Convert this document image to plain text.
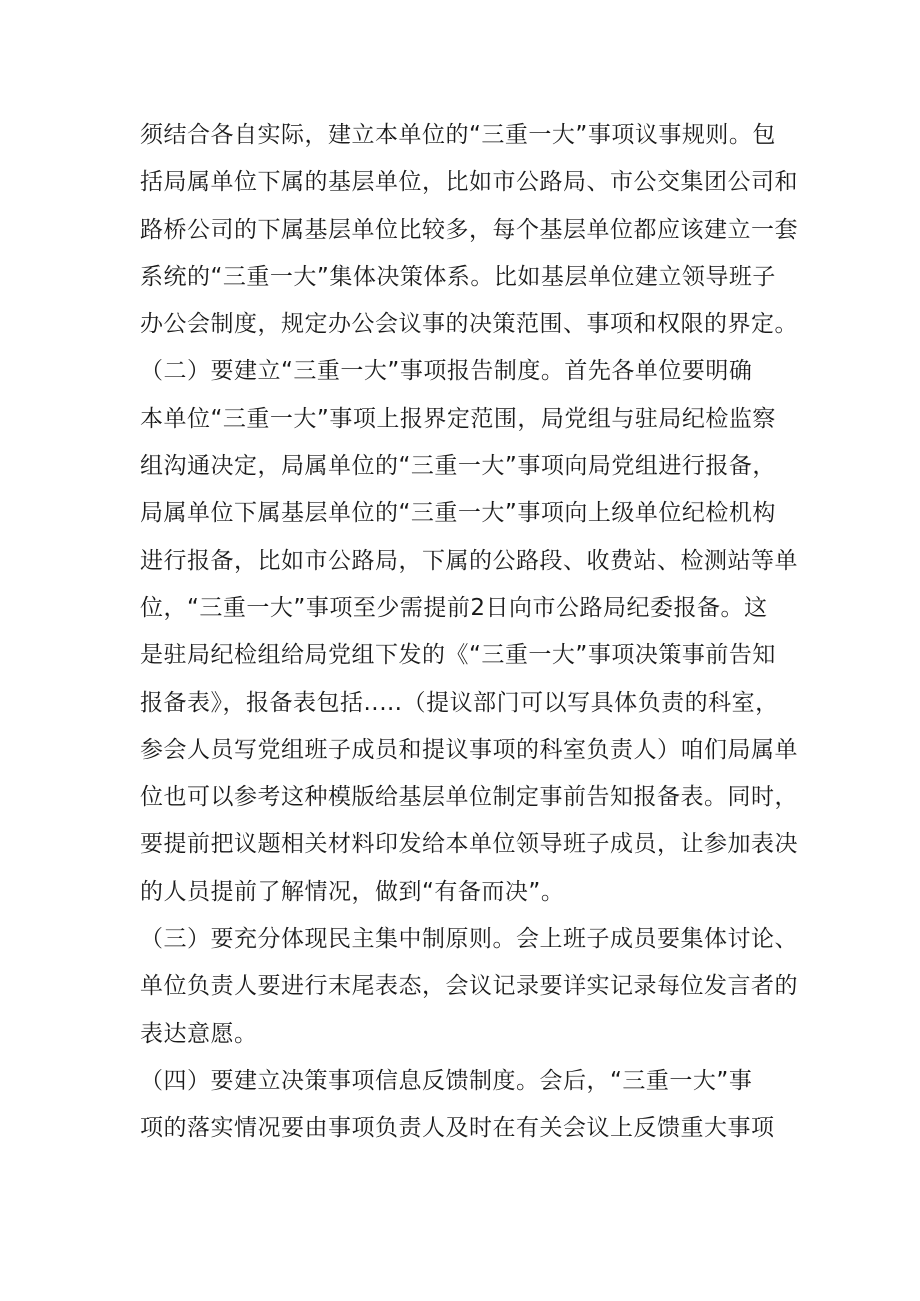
须结合各自实际，建立本单位的“三重一大”事项议事规则。包
括局属单位下属的基层单位，比如市公路局、市公交集团公司和
路桥公司的下属基层单位比较多，每个基层单位都应该建立一套
系统的“三重一大”集体决策体系。比如基层单位建立领导班子
办公会制度，规定办公会议事的决策范围、事项和权限的界定。
（二）要建立“三重一大”事项报告制度。首先各单位要明确
本单位“三重一大”事项上报界定范围，局党组与驻局纪检监察
组沟通决定，局属单位的“三重一大”事项向局党组进行报备，
局属单位下属基层单位的“三重一大”事项向上级单位纪检机构
进行报备，比如市公路局，下属的公路段、收费站、检测站等单
位，“三重一大”事项至少需提前2日向市公路局纪委报备。这
是驻局纪检组给局党组下发的《“三重一大”事项决策事前告知
报备表》，报备表包括..…（提议部门可以写具体负责的科室，
参会人员写党组班子成员和提议事项的科室负责人）咱们局属单
位也可以参考这种模版给基层单位制定事前告知报备表。同时，
要提前把议题相关材料印发给本单位领导班子成员，让参加表决
的人员提前了解情况，做到“有备而决”。
（三）要充分体现民主集中制原则。会上班子成员要集体讨论、
单位负责人要进行末尾表态，会议记录要详实记录每位发言者的
表达意愿。
（四）要建立决策事项信息反馈制度。会后，“三重一大”事
项的落实情况要由事项负责人及时在有关会议上反馈重大事项
